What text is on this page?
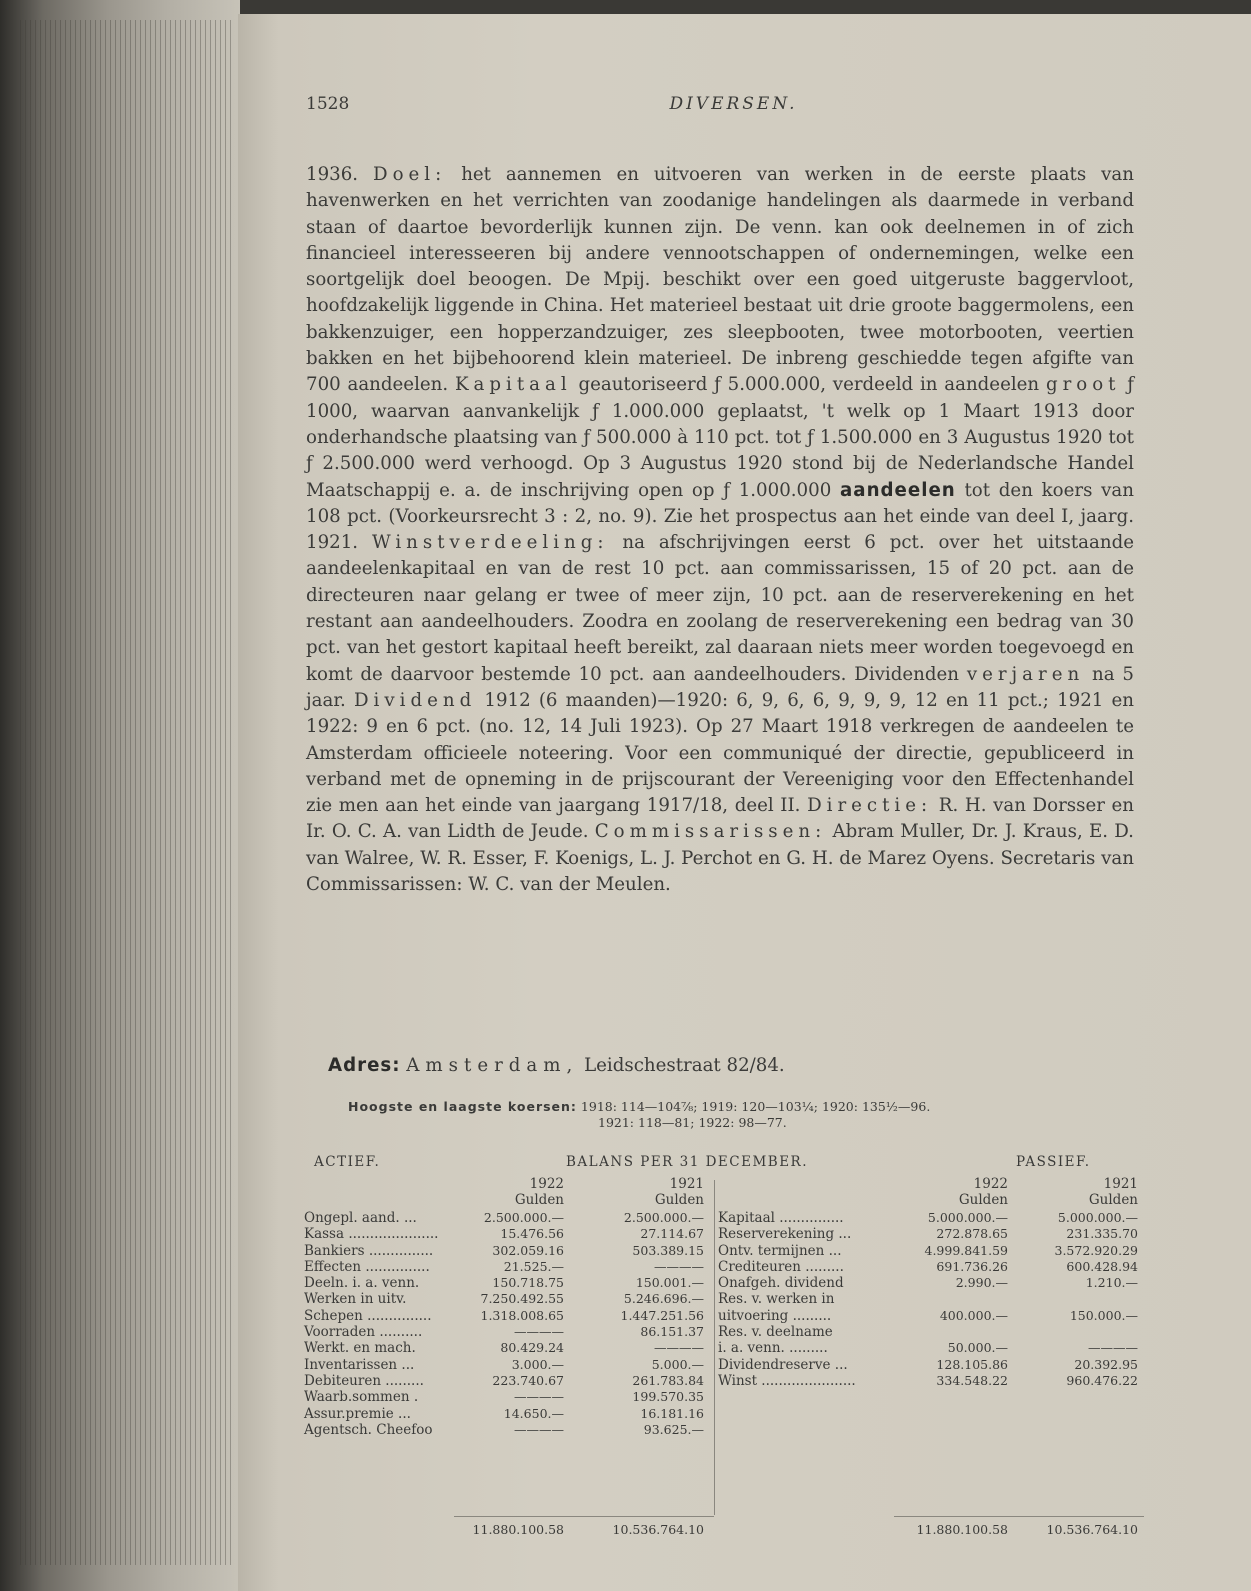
1528	DIVERSEN.

1936. Doel: het aannemen en uitvoeren van werken in de eerste plaats van havenwerken en het verrichten van zoodanige handelingen als daarmede in verband staan of daartoe bevorderlijk kunnen zijn. De venn. kan ook deelnemen in of zich financieel interesseeren bij andere vennootschappen of ondernemingen, welke een soortgelijk doel beoogen. De Mpij. beschikt over een goed uitgeruste baggervloot, hoofdzakelijk liggende in China. Het materieel bestaat uit drie groote baggermolens, een bakkenzuiger, een hopperzandzuiger, zes sleepbooten, twee motorbooten, veertien bakken en het bijbehoorend klein materieel. De inbreng geschiedde tegen afgifte van 700 aandeelen. Kapitaal geautoriseerd ƒ 5.000.000, verdeeld in aandeelen groot ƒ 1000, waarvan aanvankelijk ƒ 1.000.000 geplaatst, 't welk op 1 Maart 1913 door onderhandsche plaatsing van ƒ 500.000 à 110 pct. tot ƒ 1.500.000 en 3 Augustus 1920 tot ƒ 2.500.000 werd verhoogd. Op 3 Augustus 1920 stond bij de Nederlandsche Handel Maatschappij e. a. de inschrijving open op ƒ 1.000.000 aandeelen tot den koers van 108 pct. (Voorkeursrecht 3 : 2, no. 9). Zie het prospectus aan het einde van deel I, jaarg. 1921. Winstverdeeling: na afschrijvingen eerst 6 pct. over het uitstaande aandeelenkapitaal en van de rest 10 pct. aan commissarissen, 15 of 20 pct. aan de directeuren naar gelang er twee of meer zijn, 10 pct. aan de reserverekening en het restant aan aandeelhouders. Zoodra en zoolang de reserverekening een bedrag van 30 pct. van het gestort kapitaal heeft bereikt, zal daaraan niets meer worden toegevoegd en komt de daarvoor bestemde 10 pct. aan aandeelhouders. Dividenden verjaren na 5 jaar. Dividend 1912 (6 maanden)—1920: 6, 9, 6, 6, 9, 9, 9, 12 en 11 pct.; 1921 en 1922: 9 en 6 pct. (no. 12, 14 Juli 1923). Op 27 Maart 1918 verkregen de aandeelen te Amsterdam officieele noteering. Voor een communiqué der directie, gepubliceerd in verband met de opneming in de prijscourant der Vereeniging voor den Effectenhandel zie men aan het einde van jaargang 1917/18, deel II. Directie: R. H. van Dorsser en Ir. O. C. A. van Lidth de Jeude. Commissarissen: Abram Muller, Dr. J. Kraus, E. D. van Walree, W. R. Esser, F. Koenigs, L. J. Perchot en G. H. de Marez Oyens. Secretaris van Commissarissen: W. C. van der Meulen.

Adres: Amsterdam, Leidschestraat 82/84.
Hoogste en laagste koersen: 1918: 114—104⅞; 1919: 120—103¼; 1920: 135½—96.
1921: 118—81; 1922: 98—77.
ACTIEF.	BALANS PER 31 DECEMBER.	PASSIEF.
1922	1921	1922	1921
Gulden	Gulden	Gulden	Gulden
Ongepl. aand. ...	2.500.000.—	2.500.000.—
Kassa .....................	15.476.56	27.114.67
Bankiers ...............	302.059.16	503.389.15
Effecten ...............	21.525.—	————
Deeln. i. a. venn.	150.718.75	150.001.—
Werken in uitv.	7.250.492.55	5.246.696.—
Schepen ...............	1.318.008.65	1.447.251.56
Voorraden ..........	————	86.151.37
Werkt. en mach.	80.429.24	————
Inventarissen ...	3.000.—	5.000.—
Debiteuren .........	223.740.67	261.783.84
Waarb.sommen .	————	199.570.35
Assur.premie ...	14.650.—	16.181.16
Agentsch. Cheefoo	————	93.625.—
Kapitaal ...............	5.000.000.—	5.000.000.—
Reserverekening ...	272.878.65	231.335.70
Ontv. termijnen ...	4.999.841.59	3.572.920.29
Crediteuren .........	691.736.26	600.428.94
Onafgeh. dividend	2.990.—	1.210.—
Res. v. werken in
uitvoering .........	400.000.—	150.000.—
Res. v. deelname
i. a. venn. .........	50.000.—	————
Dividendreserve ...	128.105.86	20.392.95
Winst ......................	334.548.22	960.476.22
11.880.100.58	10.536.764.10	11.880.100.58	10.536.764.10
